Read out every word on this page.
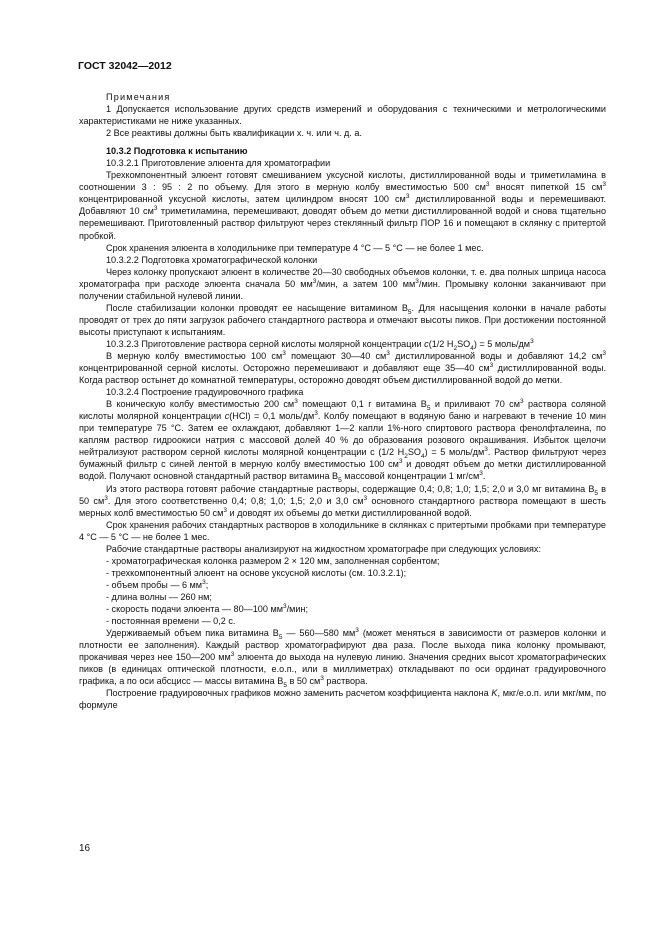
ГОСТ 32042—2012

Примечания

1 Допускается использование других средств измерений и оборудования с техническими и метрологическими характеристиками не ниже указанных.

2 Все реактивы должны быть квалификации х. ч. или ч. д. а.

10.3.2 Подготовка к испытанию

10.3.2.1 Приготовление элюента для хроматографии

Трехкомпонентный элюент готовят смешиванием уксусной кислоты, дистиллированной воды и триметиламина в соотношении 3 : 95 : 2 по объему. Для этого в мерную колбу вместимостью 500 $см^3$ вносят пипеткой 15 $см^3$ концентрированной уксусной кислоты, затем цилиндром вносят 100 $см^3$ дистиллированной воды и перемешивают. Добавляют 10 $см^3$ триметиламина, перемешивают, доводят объем до метки дистиллированной водой и снова тщательно перемешивают. Приготовленный раствор фильтруют через стеклянный фильтр ПОР 16 и помещают в склянку с притертой пробкой.

Срок хранения элюента в холодильнике при температуре 4 °С — 5 °С — не более 1 мес.

10.3.2.2 Подготовка хроматографической колонки

Через колонку пропускают элюент в количестве 20—30 свободных объемов колонки, т. е. два полных шприца насоса хроматографа при расходе элюента сначала 50 $мм^3$/мин, а затем 100 $мм^3$/мин. Промывку колонки заканчивают при получении стабильной нулевой линии.

После стабилизации колонки проводят ее насыщение витамином $B_5$. Для насыщения колонки в начале работы проводят от трех до пяти загрузок рабочего стандартного раствора и отмечают высоты пиков. При достижении постоянной высоты приступают к испытаниям.

10.3.2.3 Приготовление раствора серной кислоты молярной концентрации c(1/2 $H_2SO_4) = 5$ моль/$дм^3$

В мерную колбу вместимостью 100 $см^3$ помещают 30—40 $см^3$ дистиллированной воды и добавляют 14,2 $см^3$ концентрированной серной кислоты. Осторожно перемешивают и добавляют еще 35—40 $см^3$ дистиллированной воды. Когда раствор остынет до комнатной температуры, осторожно доводят объем дистиллированной водой до метки.

10.3.2.4 Построение градуировочного графика

В коническую колбу вместимостью 200 $см^3$ помещают 0,1 г витамина $B_5$ и приливают 70 $см^3$ раствора соляной кислоты молярной концентрации c(HCl) = 0,1 моль/$дм^3$. Колбу помещают в водяную баню и нагревают в течение 10 мин при температуре 75 °С. Затем ее охлаждают, добавляют 1—2 капли 1%-ного спиртового раствора фенолфталеина, по каплям раствор гидроокиси натрия с массовой долей 40 % до образования розового окрашивания. Избыток щелочи нейтрализуют раствором серной кислоты молярной концентрации с (1/2 $H_2SO_4) = 5$ моль/$дм^3$. Раствор фильтруют через бумажный фильтр с синей лентой в мерную колбу вместимостью 100 $см^3$ и доводят объем до метки дистиллированной водой. Получают основной стандартный раствор витамина $B_5$ массовой концентрации 1 $мг/см^3$.

Из этого раствора готовят рабочие стандартные растворы, содержащие 0,4; 0,8; 1,0; 1,5; 2,0 и 3,0 мг витамина $B_5$ в 50 $см^3$. Для этого соответственно 0,4; 0,8; 1,0; 1,5; 2,0 и 3,0 $см^3$ основного стандартного раствора помещают в шесть мерных колб вместимостью 50 $см^3$ и доводят их объемы до метки дистиллированной водой.

Срок хранения рабочих стандартных растворов в холодильнике в склянках с притертыми пробками при температуре 4 °С — 5 °С — не более 1 мес.

Рабочие стандартные растворы анализируют на жидкостном хроматографе при следующих условиях:

- хроматографическая колонка размером 2 × 120 мм, заполненная сорбентом;

- трехкомпонентный элюент на основе уксусной кислоты (см. 10.3.2.1);

- объем пробы — 6 $мм^3$;

- длина волны — 260 нм;

- скорость подачи элюента — 80—100 $мм^3$/мин;

- постоянная времени — 0,2 с.

Удерживаемый объем пика витамина $B_5$ — 560—580 $мм^3$ (может меняться в зависимости от размеров колонки и плотности ее заполнения). Каждый раствор хроматографируют два раза. После выхода пика колонку промывают, прокачивая через нее 150—200 $мм^3$ элюента до выхода на нулевую линию. Значения средних высот хроматографических пиков (в единицах оптической плотности, е.о.п., или в миллиметрах) откладывают по оси ординат градуировочного графика, а по оси абсцисс — массы витамина $B_5$ в 50 $см^3$ раствора.

Построение градуировочных графиков можно заменить расчетом коэффициента наклона K, мкг/е.о.п. или мкг/мм, по формуле

16
